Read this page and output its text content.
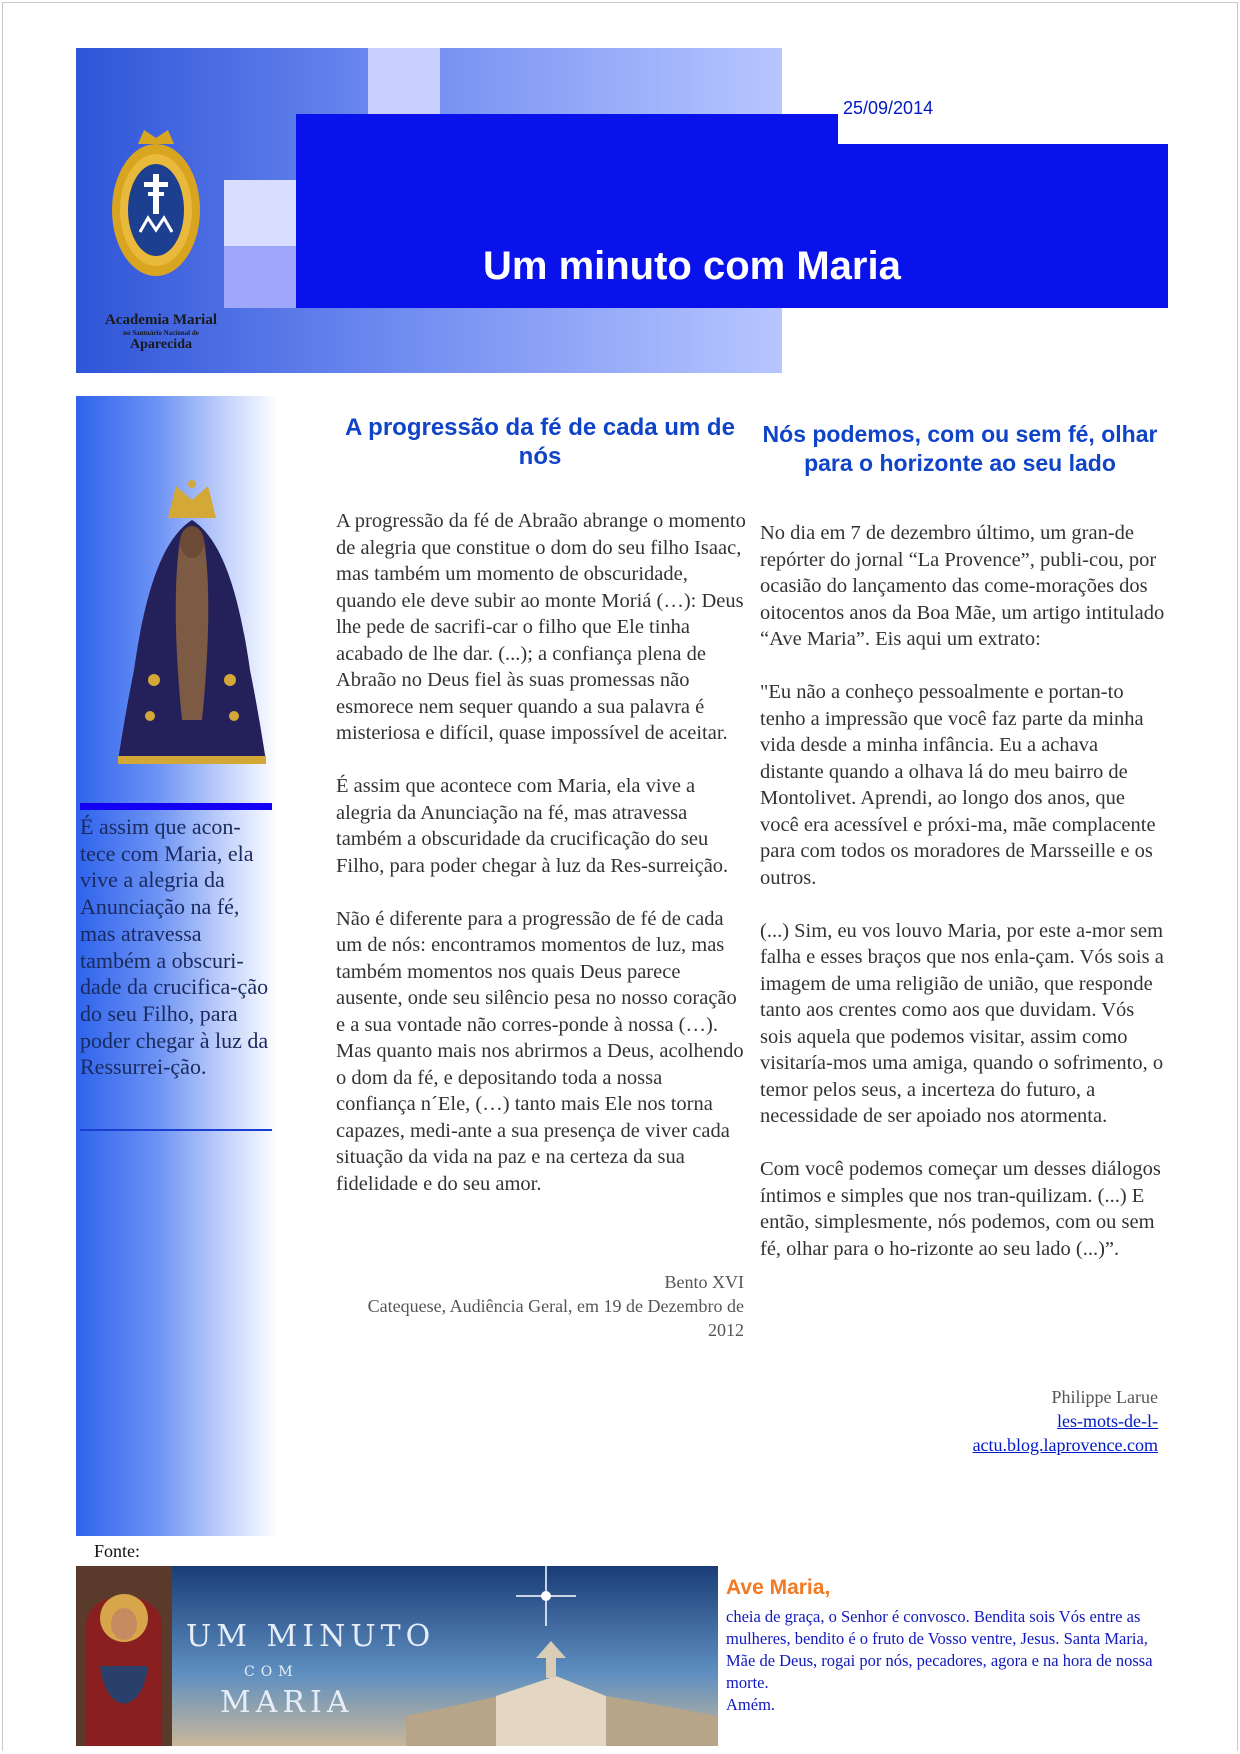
25/09/2014
Um minuto com Maria
Academia Marial
no Santuário Nacional de
Aparecida

É assim que acon-tece com Maria, ela vive a alegria da Anunciação na fé, mas atravessa também a obscuri-dade da crucifica-ção do seu Filho, para poder chegar à luz da Ressurrei-ção.

A progressão da fé de cada um de nós

A progressão da fé de Abraão abrange o momento de alegria que constitue o dom do seu filho Isaac, mas também um momento de obscuridade, quando ele deve subir ao monte Moriá (…): Deus lhe pede de sacrifi-car o filho que Ele tinha acabado de lhe dar. (...); a confiança plena de Abraão no Deus fiel às suas promessas não esmorece nem sequer quando a sua palavra é misteriosa e difícil, quase impossível de aceitar.

É assim que acontece com Maria, ela vive a alegria da Anunciação na fé, mas atravessa também a obscuridade da crucificação do seu Filho, para poder chegar à luz da Res-surreição.

Não é diferente para a progressão de fé de cada um de nós: encontramos momentos de luz, mas também momentos nos quais Deus parece ausente, onde seu silêncio pesa no nosso coração e a sua vontade não corres-ponde à nossa (…). Mas quanto mais nos abrirmos a Deus, acolhendo o dom da fé, e depositando toda a nossa confiança n´Ele, (…) tanto mais Ele nos torna capazes, medi-ante a sua presença de viver cada situação da vida na paz e na certeza da sua fidelidade e do seu amor.

Bento XVI
Catequese, Audiência Geral, em 19 de Dezembro de 2012
Nós podemos, com ou sem fé, olhar para o horizonte ao seu lado

No dia em 7 de dezembro último, um gran-de repórter do jornal “La Provence”, publi-cou, por ocasião do lançamento das come-morações dos oitocentos anos da Boa Mãe, um artigo intitulado “Ave Maria”. Eis aqui um extrato:

"Eu não a conheço pessoalmente e portan-to tenho a impressão que você faz parte da minha vida desde a minha infância. Eu a achava distante quando a olhava lá do meu bairro de Montolivet. Aprendi, ao longo dos anos, que você era acessível e próxi-ma, mãe complacente para com todos os moradores de Marsseille e os outros.

(...) Sim, eu vos louvo Maria, por este a-mor sem falha e esses braços que nos enla-çam. Vós sois a imagem de uma religião de união, que responde tanto aos crentes como aos que duvidam. Vós sois aquela que podemos visitar, assim como visitaría-mos uma amiga, quando o sofrimento, o temor pelos seus, a incerteza do futuro, a necessidade de ser apoiado nos atormenta.

Com você podemos começar um desses diálogos íntimos e simples que nos tran-quilizam. (...) E então, simplesmente, nós podemos, com ou sem fé, olhar para o ho-rizonte ao seu lado (...)”.

Philippe Larue
les-mots-de-l-actu.blog.laprovence.com
Fonte:
UM MINUTO
COM
MARIA
Ave Maria,
cheia de graça, o Senhor é convosco. Bendita sois Vós entre as mulheres, bendito é o fruto de Vosso ventre, Jesus. Santa Maria, Mãe de Deus, rogai por nós, pecadores, agora e na hora de nossa morte.
Amém.
